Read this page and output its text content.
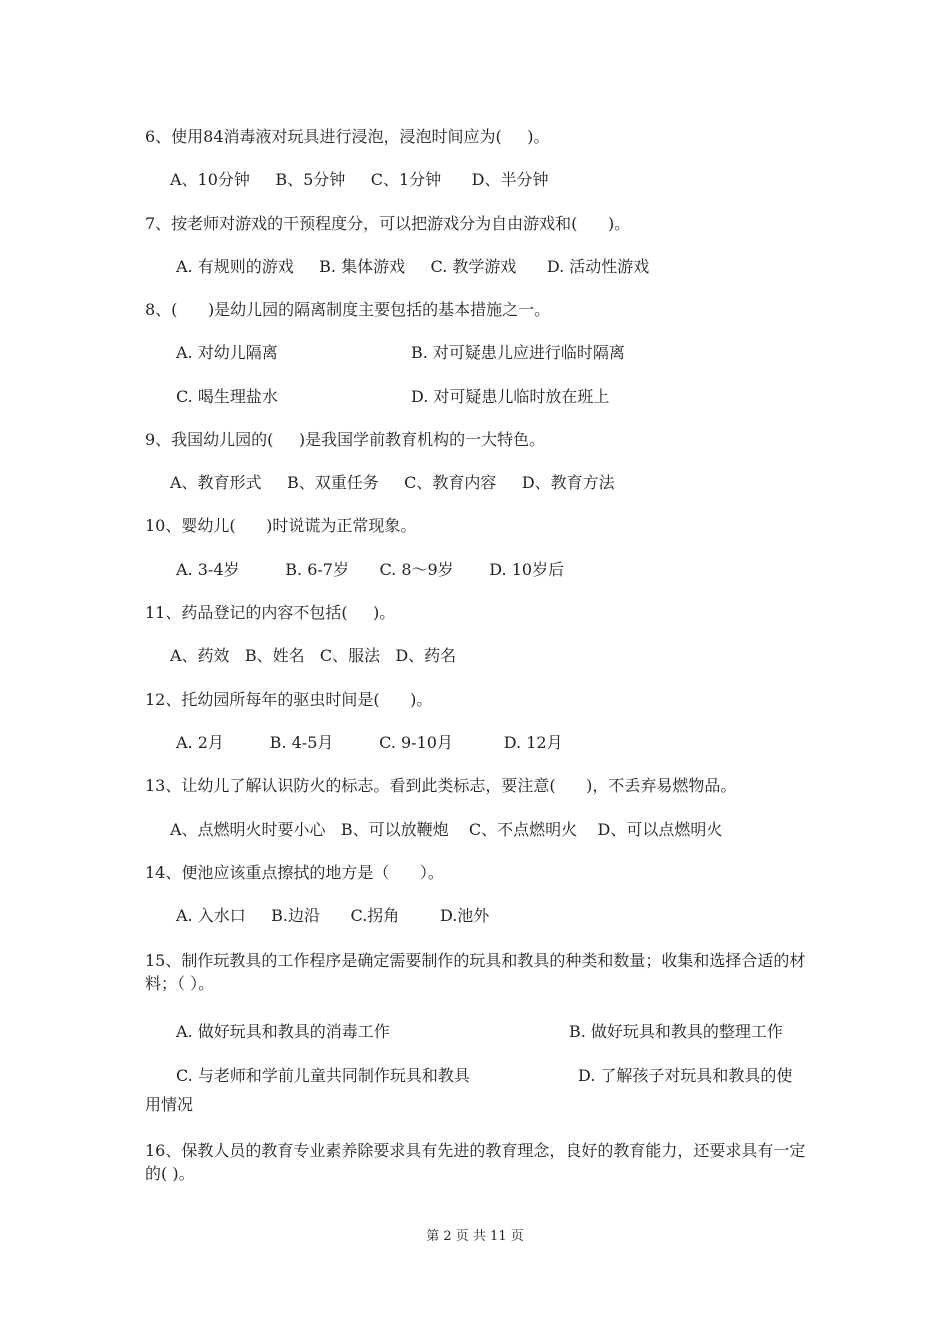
6、使用84消毒液对玩具进行浸泡，浸泡时间应为(     )。
A、10分钟     B、5分钟     C、1分钟      D、半分钟
7、按老师对游戏的干预程度分，可以把游戏分为自由游戏和(      )。
A. 有规则的游戏     B. 集体游戏     C. 教学游戏      D. 活动性游戏
8、(      )是幼儿园的隔离制度主要包括的基本措施之一。
A. 对幼儿隔离	B. 对可疑患儿应进行临时隔离
C. 喝生理盐水	D. 对可疑患儿临时放在班上
9、我国幼儿园的(     )是我国学前教育机构的一大特色。
A、教育形式     B、双重任务     C、教育内容     D、教育方法
10、婴幼儿(      )时说谎为正常现象。
A. 3-4岁         B. 6-7岁      C. 8～9岁       D. 10岁后
11、药品登记的内容不包括(     )。
A、药效   B、姓名   C、服法   D、药名
12、托幼园所每年的驱虫时间是(      )。
A. 2月         B. 4-5月         C. 9-10月          D. 12月
13、让幼儿了解认识防火的标志。看到此类标志，要注意(      )，不丢弃易燃物品。
A、点燃明火时要小心   B、可以放鞭炮    C、不点燃明火    D、可以点燃明火
14、便池应该重点擦拭的地方是（      ）。
A. 入水口     B.边沿      C.拐角        D.池外
15、制作玩教具的工作程序是确定需要制作的玩具和教具的种类和数量；收集和选择合适的材料；（ ）。
A. 做好玩具和教具的消毒工作	B. 做好玩具和教具的整理工作
C. 与老师和学前儿童共同制作玩具和教具	D. 了解孩子对玩具和教具的使
用情况
16、保教人员的教育专业素养除要求具有先进的教育理念，良好的教育能力，还要求具有一定的( )。
第 2 页 共 11 页
